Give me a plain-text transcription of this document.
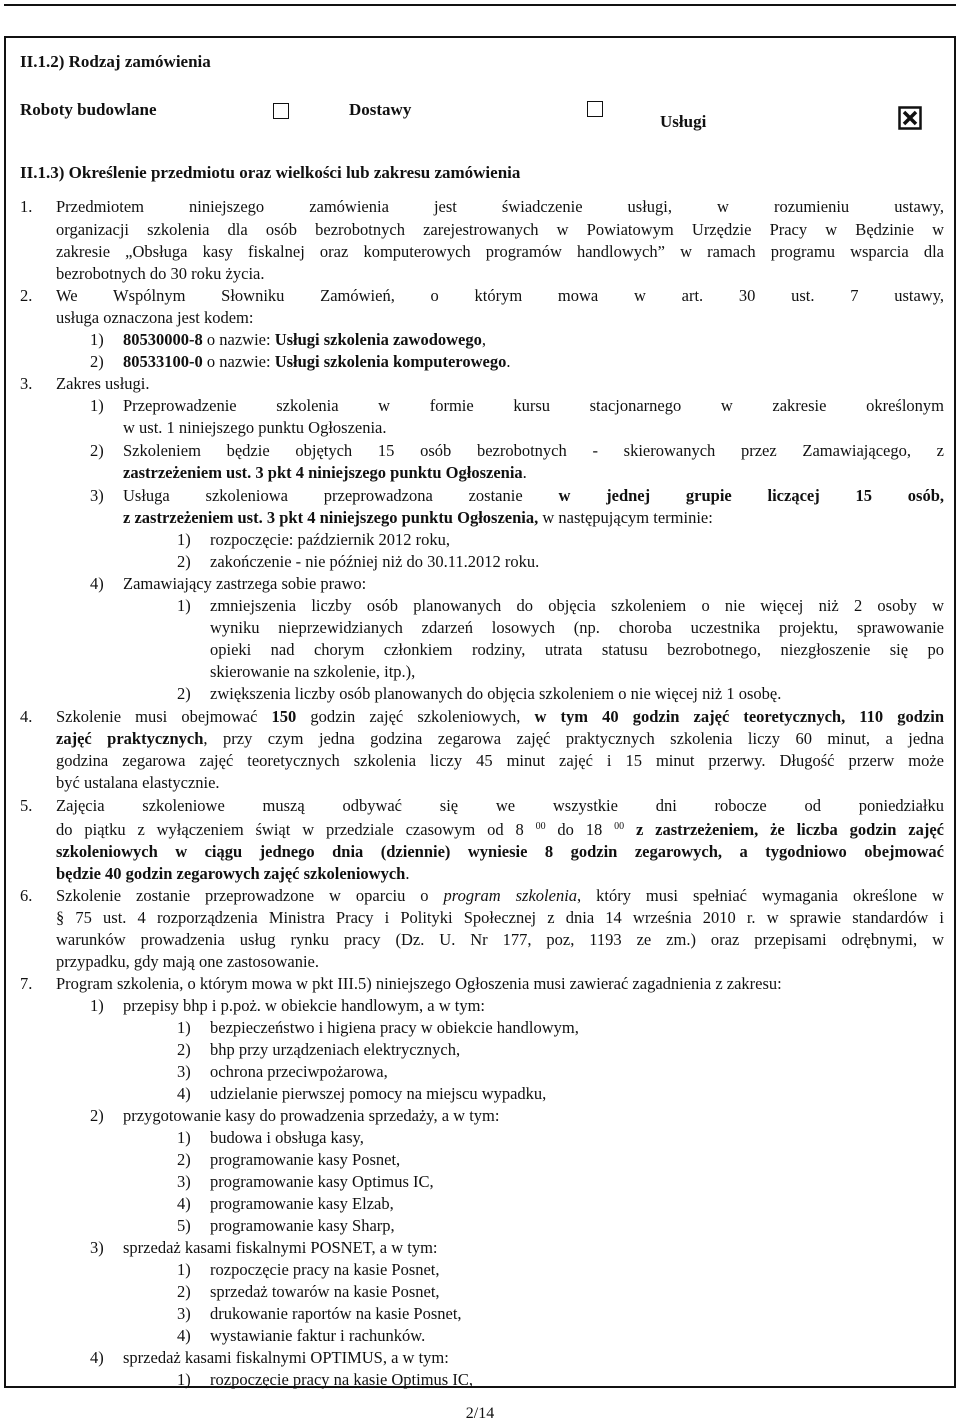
II.1.2) Rodzaj zamówienia
Roboty budowlane	Dostawy
Usługi
II.1.3) Określenie przedmiotu oraz wielkości lub zakresu zamówienia
1. Przedmiotem niniejszego zamówienia jest świadczenie usługi, w rozumieniu ustawy,
organizacji szkolenia dla osób bezrobotnych zarejestrowanych w Powiatowym Urzędzie Pracy w Będzinie w
zakresie „Obsługa kasy fiskalnej oraz komputerowych programów handlowych” w ramach programu wsparcia dla
bezrobotnych do 30 roku życia.
2. We Wspólnym Słowniku Zamówień, o którym mowa w art. 30 ust. 7 ustawy,
usługa oznaczona jest kodem:
1) 80530000-8 o nazwie: Usługi szkolenia zawodowego,
2) 80533100-0 o nazwie: Usługi szkolenia komputerowego.
3. Zakres usługi.
1) Przeprowadzenie szkolenia w formie kursu stacjonarnego w zakresie określonym
w ust. 1 niniejszego punktu Ogłoszenia.
2) Szkoleniem będzie objętych 15 osób bezrobotnych - skierowanych przez Zamawiającego, z
zastrzeżeniem ust. 3 pkt 4 niniejszego punktu Ogłoszenia.
3) Usługa szkoleniowa przeprowadzona zostanie w jednej grupie liczącej 15 osób,
z zastrzeżeniem ust. 3 pkt 4 niniejszego punktu Ogłoszenia, w następującym terminie:
1) rozpoczęcie: październik 2012 roku,
2) zakończenie - nie później niż do 30.11.2012 roku.
4) Zamawiający zastrzega sobie prawo:
1) zmniejszenia liczby osób planowanych do objęcia szkoleniem o nie więcej niż 2 osoby w
wyniku nieprzewidzianych zdarzeń losowych (np. choroba uczestnika projektu, sprawowanie
opieki nad chorym członkiem rodziny, utrata statusu bezrobotnego, niezgłoszenie się po
skierowanie na szkolenie, itp.),
2) zwiększenia liczby osób planowanych do objęcia szkoleniem o nie więcej niż 1 osobę.
4. Szkolenie musi obejmować 150 godzin zajęć szkoleniowych, w tym 40 godzin zajęć teoretycznych, 110 godzin
zajęć praktycznych, przy czym jedna godzina zegarowa zajęć praktycznych szkolenia liczy 60 minut, a jedna
godzina zegarowa zajęć teoretycznych szkolenia liczy 45 minut zajęć i 15 minut przerwy. Długość przerw może
być ustalana elastycznie.
5. Zajęcia szkoleniowe muszą odbywać się we wszystkie dni robocze od poniedziałku
do piątku z wyłączeniem świąt w przedziale czasowym od 8 $^{00}$ do 18 $^{00}$ z zastrzeżeniem, że liczba godzin zajęć
szkoleniowych w ciągu jednego dnia (dziennie) wyniesie 8 godzin zegarowych, a tygodniowo obejmować
będzie 40 godzin zegarowych zajęć szkoleniowych.
6. Szkolenie zostanie przeprowadzone w oparciu o program szkolenia, który musi spełniać wymagania określone w
§ 75 ust. 4 rozporządzenia Ministra Pracy i Polityki Społecznej z dnia 14 września 2010 r. w sprawie standardów i
warunków prowadzenia usług rynku pracy (Dz. U. Nr 177, poz, 1193 ze zm.) oraz przepisami odrębnymi, w
przypadku, gdy mają one zastosowanie.
7. Program szkolenia, o którym mowa w pkt III.5) niniejszego Ogłoszenia musi zawierać zagadnienia z zakresu:
1) przepisy bhp i p.poż. w obiekcie handlowym, a w tym:
1) bezpieczeństwo i higiena pracy w obiekcie handlowym,
2) bhp przy urządzeniach elektrycznych,
3) ochrona przeciwpożarowa,
4) udzielanie pierwszej pomocy na miejscu wypadku,
2) przygotowanie kasy do prowadzenia sprzedaży, a w tym:
1) budowa i obsługa kasy,
2) programowanie kasy Posnet,
3) programowanie kasy Optimus IC,
4) programowanie kasy Elzab,
5) programowanie kasy Sharp,
3) sprzedaż kasami fiskalnymi POSNET, a w tym:
1) rozpoczęcie pracy na kasie Posnet,
2) sprzedaż towarów na kasie Posnet,
3) drukowanie raportów na kasie Posnet,
4) wystawianie faktur i rachunków.
4) sprzedaż kasami fiskalnymi OPTIMUS, a w tym:
1) rozpoczęcie pracy na kasie Optimus IC,
2/14
